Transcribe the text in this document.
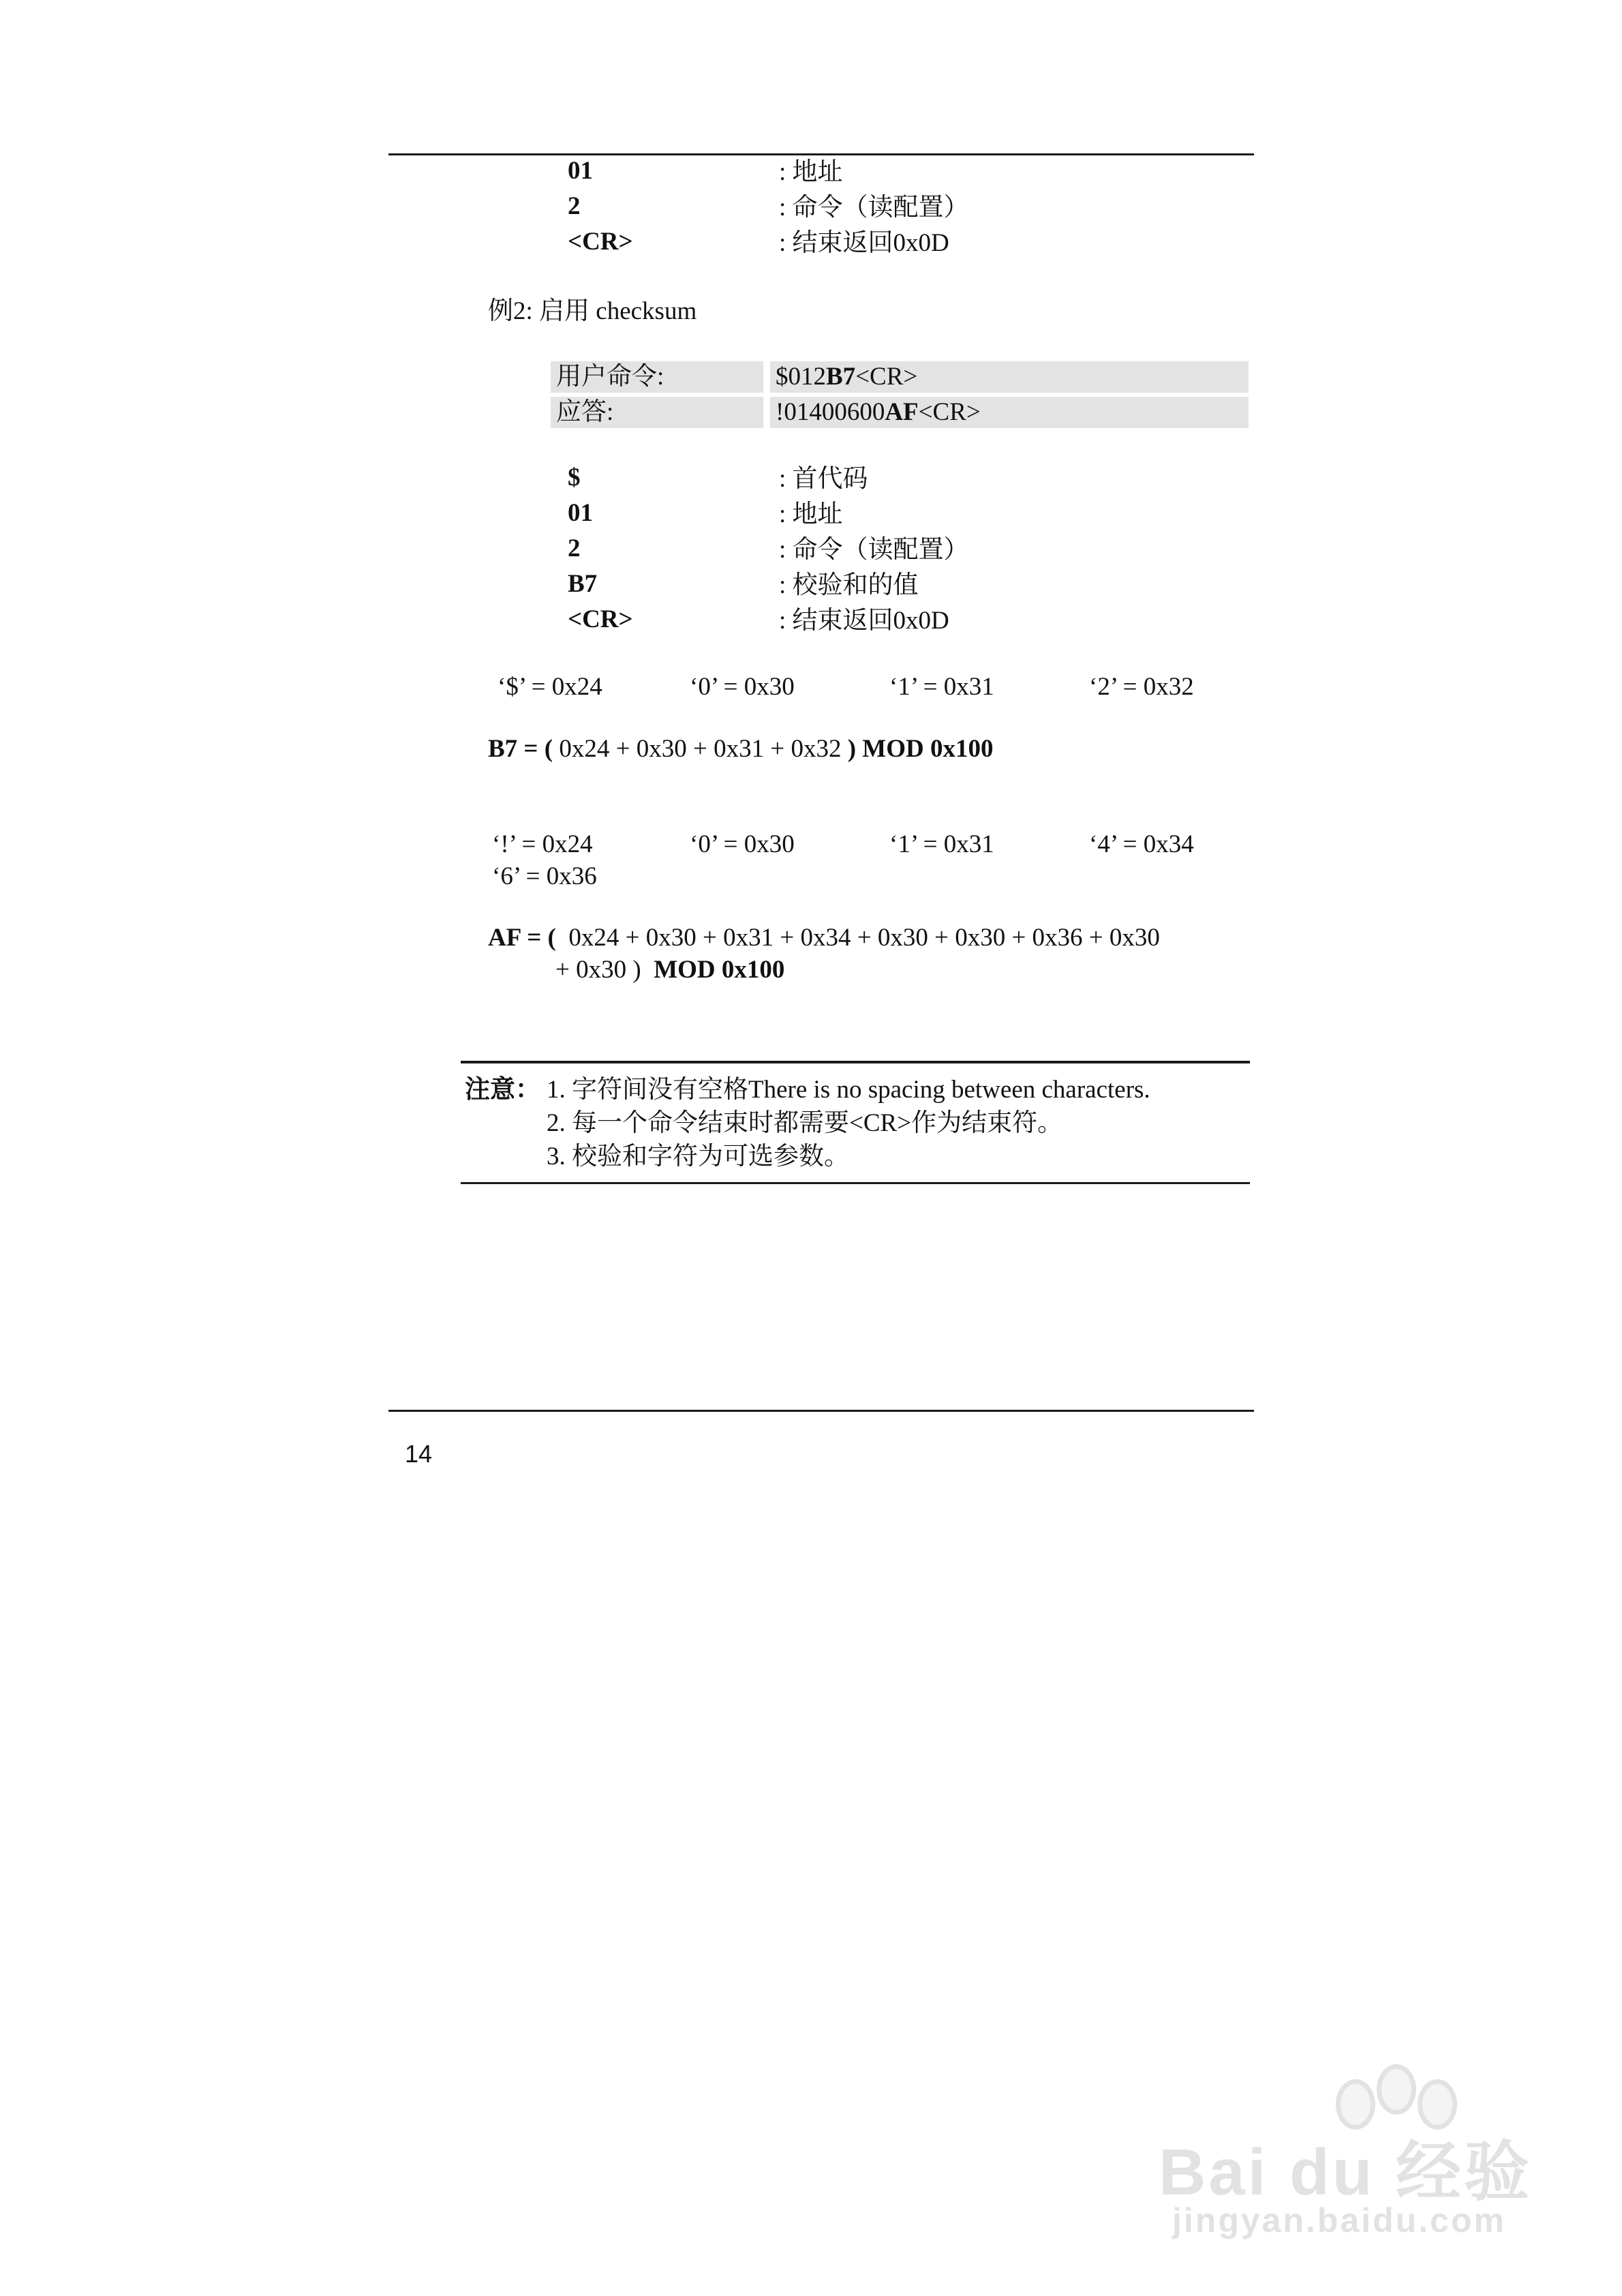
01	: 地址
2	: 命令（读配置）
<CR>	: 结束返回0x0D
例2: 启用 checksum
用户命令:	$012B7<CR>
应答:	!01400600AF<CR>
$	: 首代码
01	: 地址
2	: 命令（读配置）
B7	: 校验和的值
<CR>	: 结束返回0x0D
‘$’ = 0x24	‘0’ = 0x30	‘1’ = 0x31	‘2’ = 0x32
B7 = ( 0x24 + 0x30 + 0x31 + 0x32 ) MOD 0x100
‘!’ = 0x24	‘0’ = 0x30	‘1’ = 0x31	‘4’ = 0x34
‘6’ = 0x36
AF = (  0x24 + 0x30 + 0x31 + 0x34 + 0x30 + 0x30 + 0x36 + 0x30
+ 0x30 )  MOD 0x100
注意： 1. 字符间没有空格There is no spacing between characters.
2. 每一个命令结束时都需要<CR>作为结束符。
3. 校验和字符为可选参数。
14
Bai du 经验
jingyan.baidu.com
